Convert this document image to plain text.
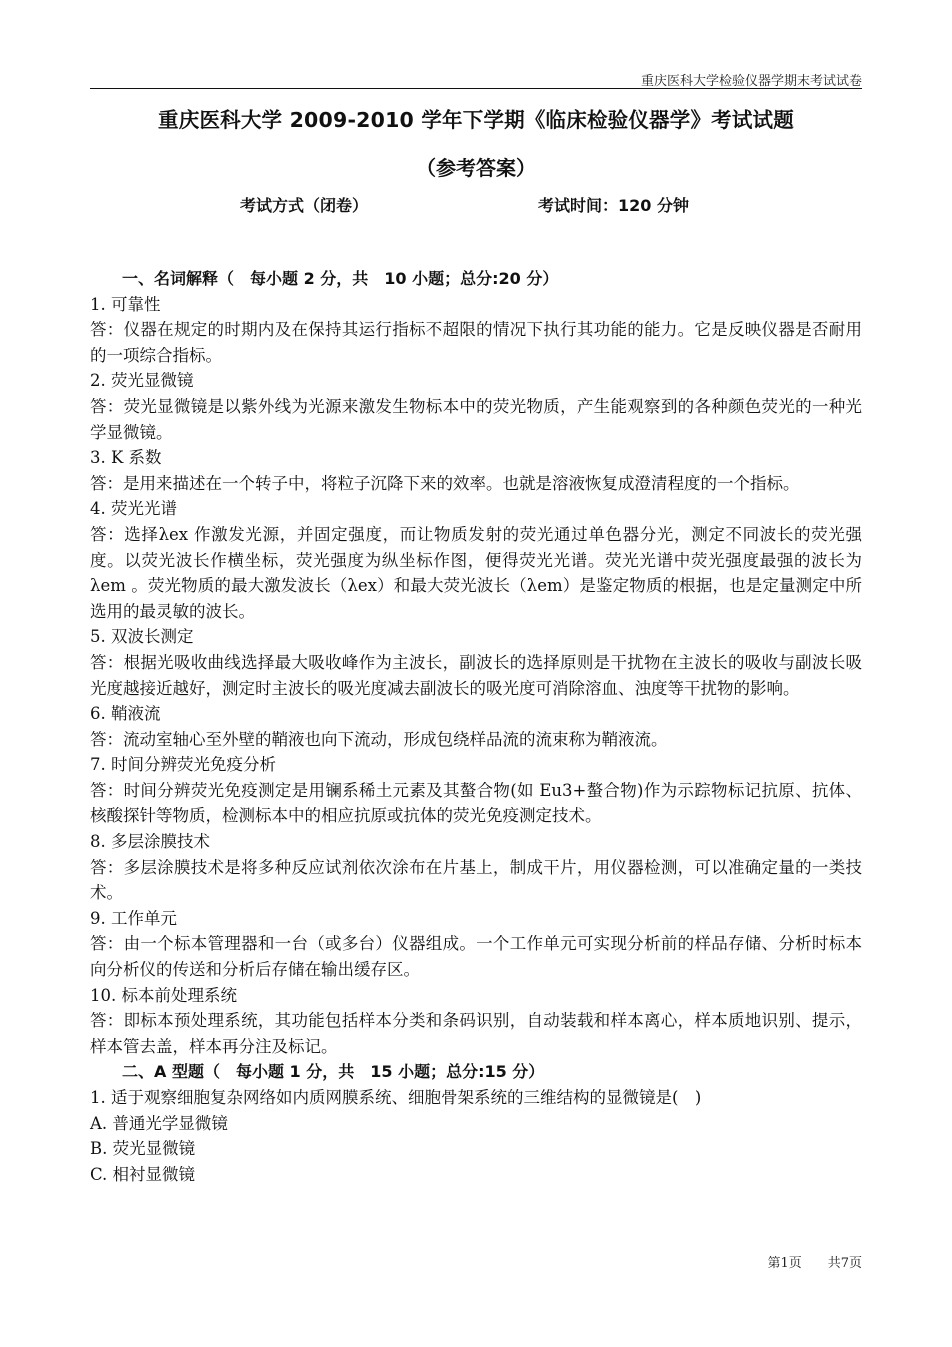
重庆医科大学检验仪器学期末考试试卷
重庆医科大学 2009-2010 学年下学期《临床检验仪器学》考试试题
（参考答案）
考试方式（闭卷）	考试时间：120 分钟
一、名词解释（　每小题 2 分，共　10 小题；总分:20 分）
1. 可靠性
答：仪器在规定的时期内及在保持其运行指标不超限的情况下执行其功能的能力。它是反映仪器是否耐用的一项综合指标。
2. 荧光显微镜
答：荧光显微镜是以紫外线为光源来激发生物标本中的荧光物质，产生能观察到的各种颜色荧光的一种光学显微镜。
3. K 系数
答：是用来描述在一个转子中，将粒子沉降下来的效率。也就是溶液恢复成澄清程度的一个指标。
4. 荧光光谱
答：选择λex 作激发光源，并固定强度，而让物质发射的荧光通过单色器分光，测定不同波长的荧光强度。以荧光波长作横坐标，荧光强度为纵坐标作图，便得荧光光谱。荧光光谱中荧光强度最强的波长为　λem 。荧光物质的最大激发波长（λex）和最大荧光波长（λem）是鉴定物质的根据，也是定量测定中所选用的最灵敏的波长。
5. 双波长测定
答：根据光吸收曲线选择最大吸收峰作为主波长，副波长的选择原则是干扰物在主波长的吸收与副波长吸光度越接近越好，测定时主波长的吸光度减去副波长的吸光度可消除溶血、浊度等干扰物的影响。
6. 鞘液流
答：流动室轴心至外壁的鞘液也向下流动，形成包绕样品流的流束称为鞘液流。
7. 时间分辨荧光免疫分析
答：时间分辨荧光免疫测定是用镧系稀土元素及其螯合物(如 Eu3+螯合物)作为示踪物标记抗原、抗体、核酸探针等物质，检测标本中的相应抗原或抗体的荧光免疫测定技术。
8. 多层涂膜技术
答：多层涂膜技术是将多种反应试剂依次涂布在片基上，制成干片，用仪器检测，可以准确定量的一类技术。
9. 工作单元
答：由一个标本管理器和一台（或多台）仪器组成。一个工作单元可实现分析前的样品存储、分析时标本向分析仪的传送和分析后存储在输出缓存区。
10. 标本前处理系统
答：即标本预处理系统，其功能包括样本分类和条码识别，自动装载和样本离心，样本质地识别、提示，样本管去盖，样本再分注及标记。
二、A 型题（　每小题 1 分，共　15 小题；总分:15 分）
1. 适于观察细胞复杂网络如内质网膜系统、细胞骨架系统的三维结构的显微镜是(　)
A. 普通光学显微镜
B. 荧光显微镜
C. 相衬显微镜
第1页　　共7页
